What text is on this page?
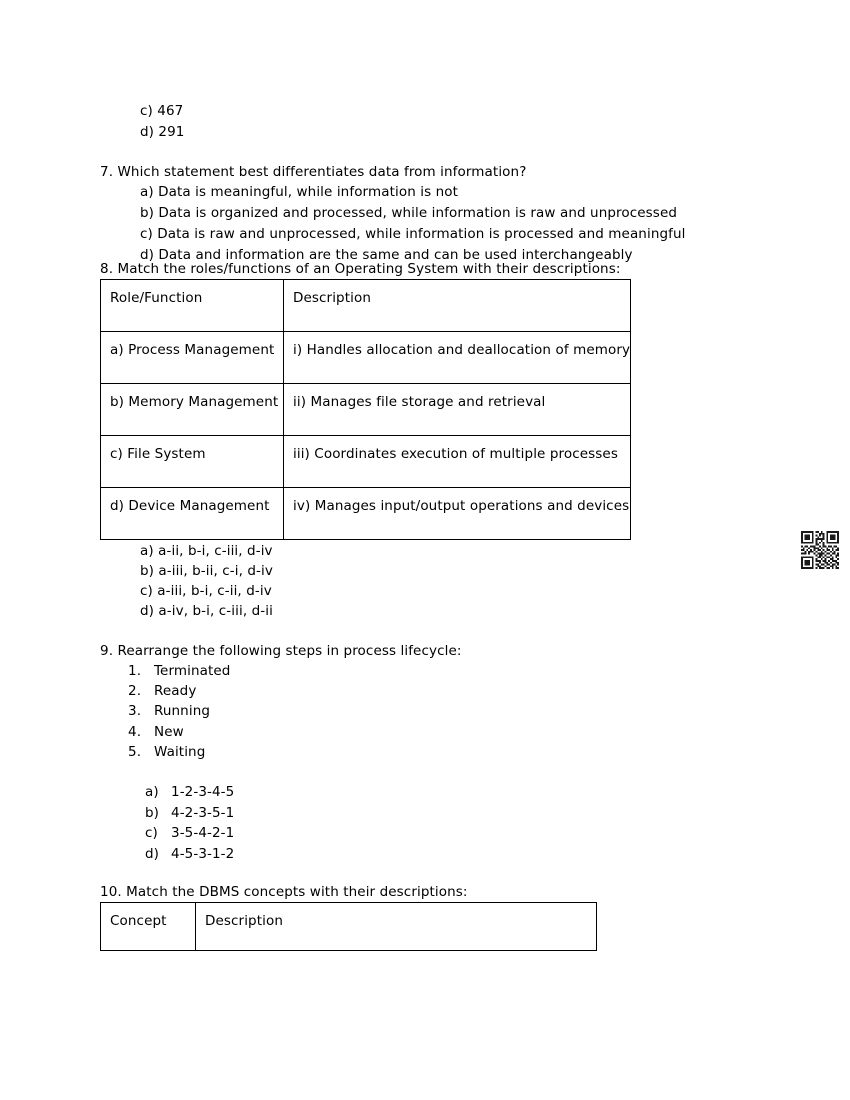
c) 467
d) 291
7. Which statement best differentiates data from information?
a) Data is meaningful, while information is not
b) Data is organized and processed, while information is raw and unprocessed
c) Data is raw and unprocessed, while information is processed and meaningful
d) Data and information are the same and can be used interchangeably
8. Match the roles/functions of an Operating System with their descriptions:
Role/Function	Description
a) Process Management	i) Handles allocation and deallocation of memory
b) Memory Management	ii) Manages file storage and retrieval
c) File System	iii) Coordinates execution of multiple processes
d) Device Management	iv) Manages input/output operations and devices
a) a-ii, b-i, c-iii, d-iv
b) a-iii, b-ii, c-i, d-iv
c) a-iii, b-i, c-ii, d-iv
d) a-iv, b-i, c-iii, d-ii
9. Rearrange the following steps in process lifecycle:
1. Terminated
2. Ready
3. Running
4. New
5. Waiting
a) 1-2-3-4-5
b) 4-2-3-5-1
c) 3-5-4-2-1
d) 4-5-3-1-2
10. Match the DBMS concepts with their descriptions:
Concept	Description
